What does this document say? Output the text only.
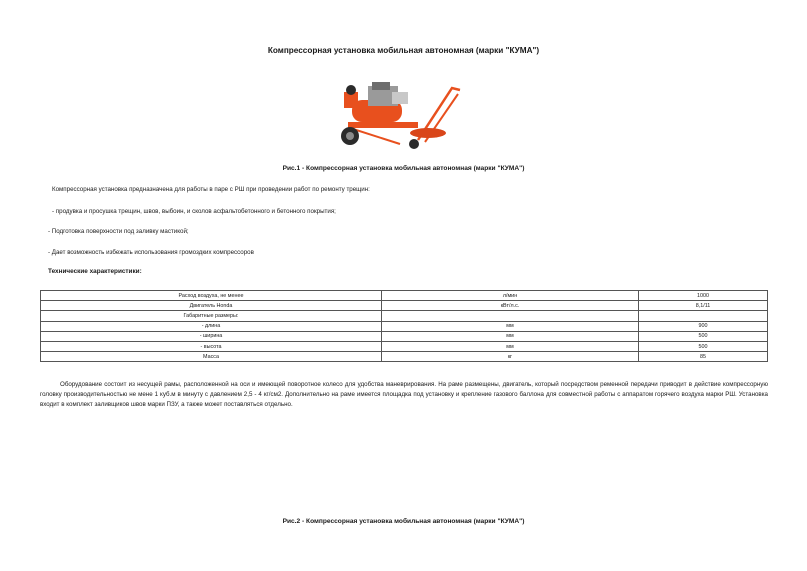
Компрессорная установка мобильная автономная (марки "КУМА")
Рис.1 - Компрессорная установка мобильная автономная (марки "КУМА")
Компрессорная установка предназначена для работы в паре с РШ при проведении работ по ремонту трещин:
- продувка и просушка трещин, швов, выбоин, и сколов асфальтобетонного и бетонного покрытия;
- Подготовка поверхности под заливку мастикой;
- Дает возможность избежать использования громоздких компрессоров
Технические характеристики:
Расход воздуха, не менее	л/мин	1000
Двигатель Honda	кВт/л.с.	8,1/11
Габаритные размеры:		
- длина	мм	900
- ширина	мм	500
- высота	мм	500
Масса	кг	85
Оборудование состоит из несущей рамы, расположенной на оси и имеющей поворотное колесо для удобства маневрирования. На раме размещены, двигатель, который посредством ременной передачи приводит в действие компрессорную головку производительностью не мене 1 куб.м в минуту с давлением 2,5 - 4 кг/см2. Дополнительно на раме имеется площадка под установку и крепление газового баллона для совместной работы с аппаратом горячего воздуха марки РШ. Установка входит в комплект заливщиков швов марки ПЗУ, а также может поставляться отдельно.
Рис.2 - Компрессорная установка мобильная автономная (марки "КУМА")
